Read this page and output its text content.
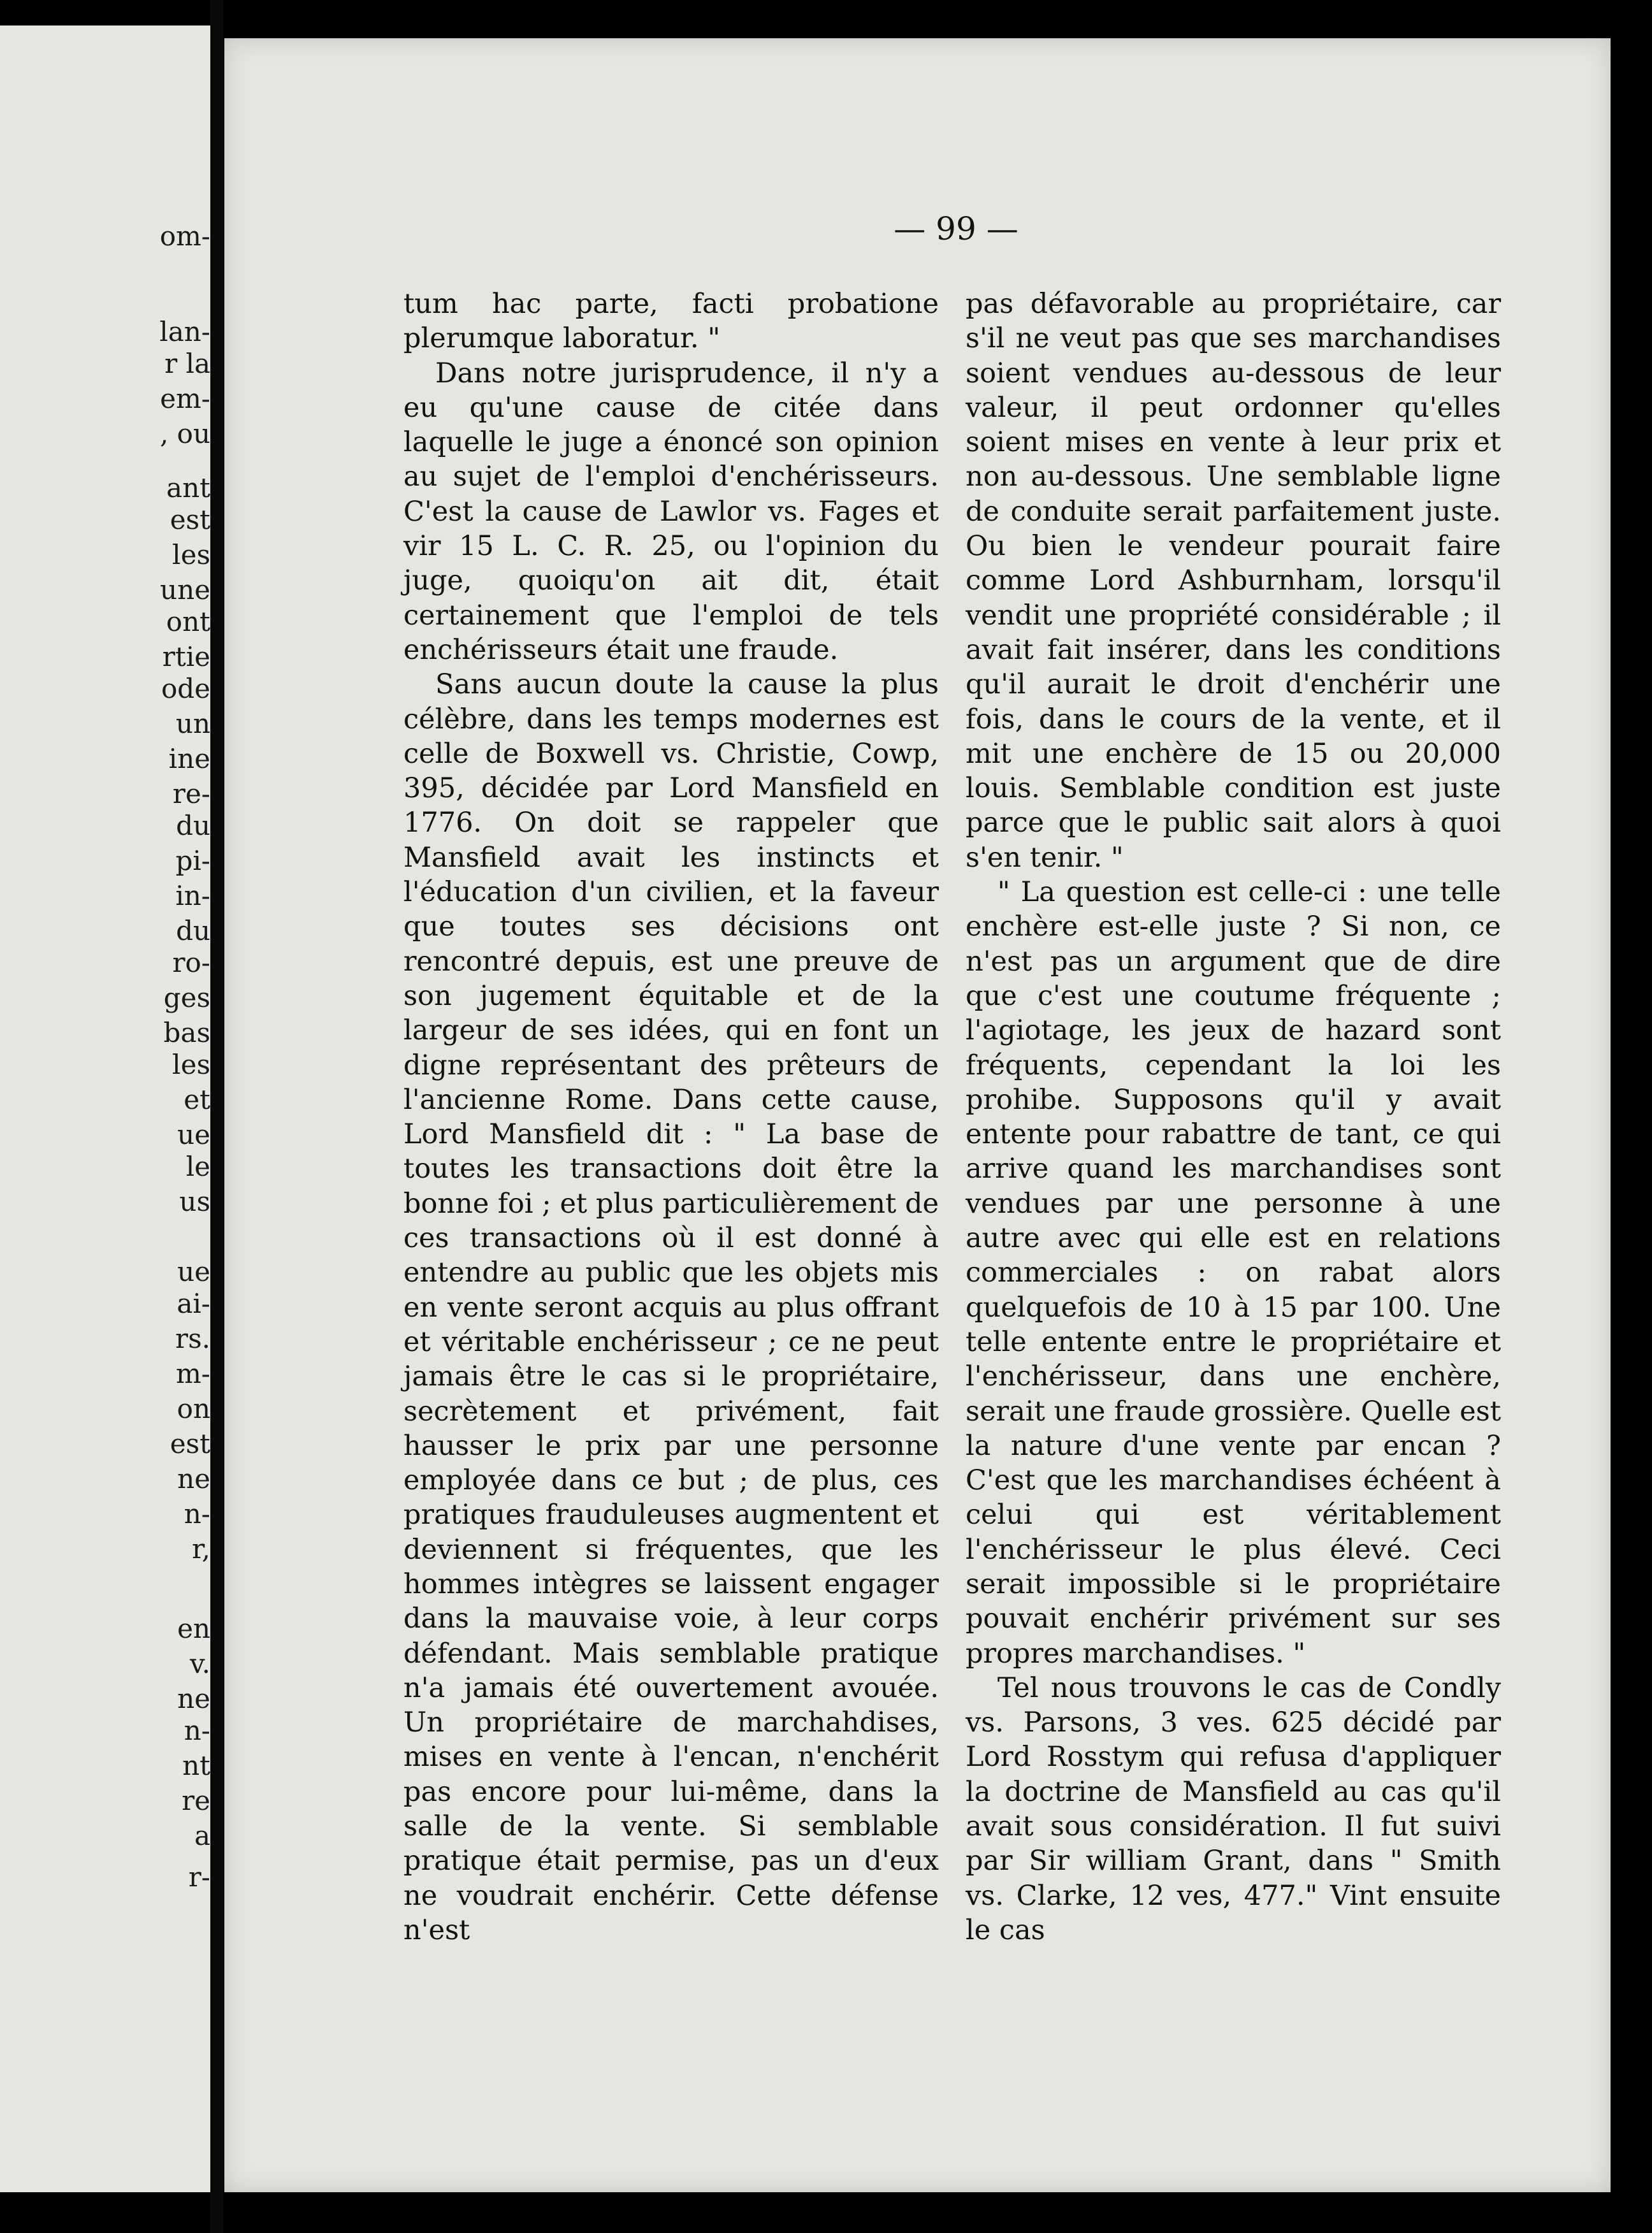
om-
lan-
r la
em-
, ou
ant
est
les
une
ont
rtie
ode
un
ine
re-
du
pi-
in-
du
ro-
ges
bas
les
et
ue
le
us
ue
ai-
rs.
m-
on
est
ne
n-
r,
en
v.
ne
n-
nt
re
a
r-
— 99 —

tum hac parte, facti probatione plerumque laboratur. "

Dans notre jurisprudence, il n'y a eu qu'une cause de citée dans laquelle le juge a énoncé son opinion au sujet de l'emploi d'enchérisseurs. C'est la cause de Lawlor vs. Fages et vir 15 L. C. R. 25, ou l'opinion du juge, quoiqu'on ait dit, était certainement que l'emploi de tels enchérisseurs était une fraude.

Sans aucun doute la cause la plus célèbre, dans les temps modernes est celle de Boxwell vs. Christie, Cowp, 395, décidée par Lord Mansfield en 1776. On doit se rappeler que Mansfield avait les instincts et l'éducation d'un civilien, et la faveur que toutes ses décisions ont rencontré depuis, est une preuve de son jugement équitable et de la largeur de ses idées, qui en font un digne représentant des prêteurs de l'ancienne Rome. Dans cette cause, Lord Mansfield dit : " La base de toutes les transactions doit être la bonne foi ; et plus particulièrement de ces transactions où il est donné à entendre au public que les objets mis en vente seront acquis au plus offrant et véritable enchérisseur ; ce ne peut jamais être le cas si le propriétaire, secrètement et privément, fait hausser le prix par une personne employée dans ce but ; de plus, ces pratiques frauduleuses augmentent et deviennent si fréquentes, que les hommes intègres se laissent engager dans la mauvaise voie, à leur corps défendant. Mais semblable pratique n'a jamais été ouvertement avouée. Un propriétaire de marchahdises, mises en vente à l'encan, n'enchérit pas encore pour lui-même, dans la salle de la vente. Si semblable pratique était permise, pas un d'eux ne voudrait enchérir. Cette défense n'est

pas défavorable au propriétaire, car s'il ne veut pas que ses marchandises soient vendues au-dessous de leur valeur, il peut ordonner qu'elles soient mises en vente à leur prix et non au-dessous. Une semblable ligne de conduite serait parfaitement juste. Ou bien le vendeur pourait faire comme Lord Ashburnham, lorsqu'il vendit une propriété considérable ; il avait fait insérer, dans les conditions qu'il aurait le droit d'enchérir une fois, dans le cours de la vente, et il mit une enchère de 15 ou 20,000 louis. Semblable condition est juste parce que le public sait alors à quoi s'en tenir. "

" La question est celle-ci : une telle enchère est-elle juste ? Si non, ce n'est pas un argument que de dire que c'est une coutume fréquente ; l'agiotage, les jeux de hazard sont fréquents, cependant la loi les prohibe. Supposons qu'il y avait entente pour rabattre de tant, ce qui arrive quand les marchandises sont vendues par une personne à une autre avec qui elle est en relations commerciales : on rabat alors quelquefois de 10 à 15 par 100. Une telle entente entre le propriétaire et l'enchérisseur, dans une enchère, serait une fraude grossière. Quelle est la nature d'une vente par encan ? C'est que les marchandises échéent à celui qui est véritablement l'enchérisseur le plus élevé. Ceci serait impossible si le propriétaire pouvait enchérir privément sur ses propres marchandises. "

Tel nous trouvons le cas de Condly vs. Parsons, 3 ves. 625 décidé par Lord Rosstym qui refusa d'appliquer la doctrine de Mansfield au cas qu'il avait sous considération. Il fut suivi par Sir william Grant, dans " Smith vs. Clarke, 12 ves, 477." Vint ensuite le cas
